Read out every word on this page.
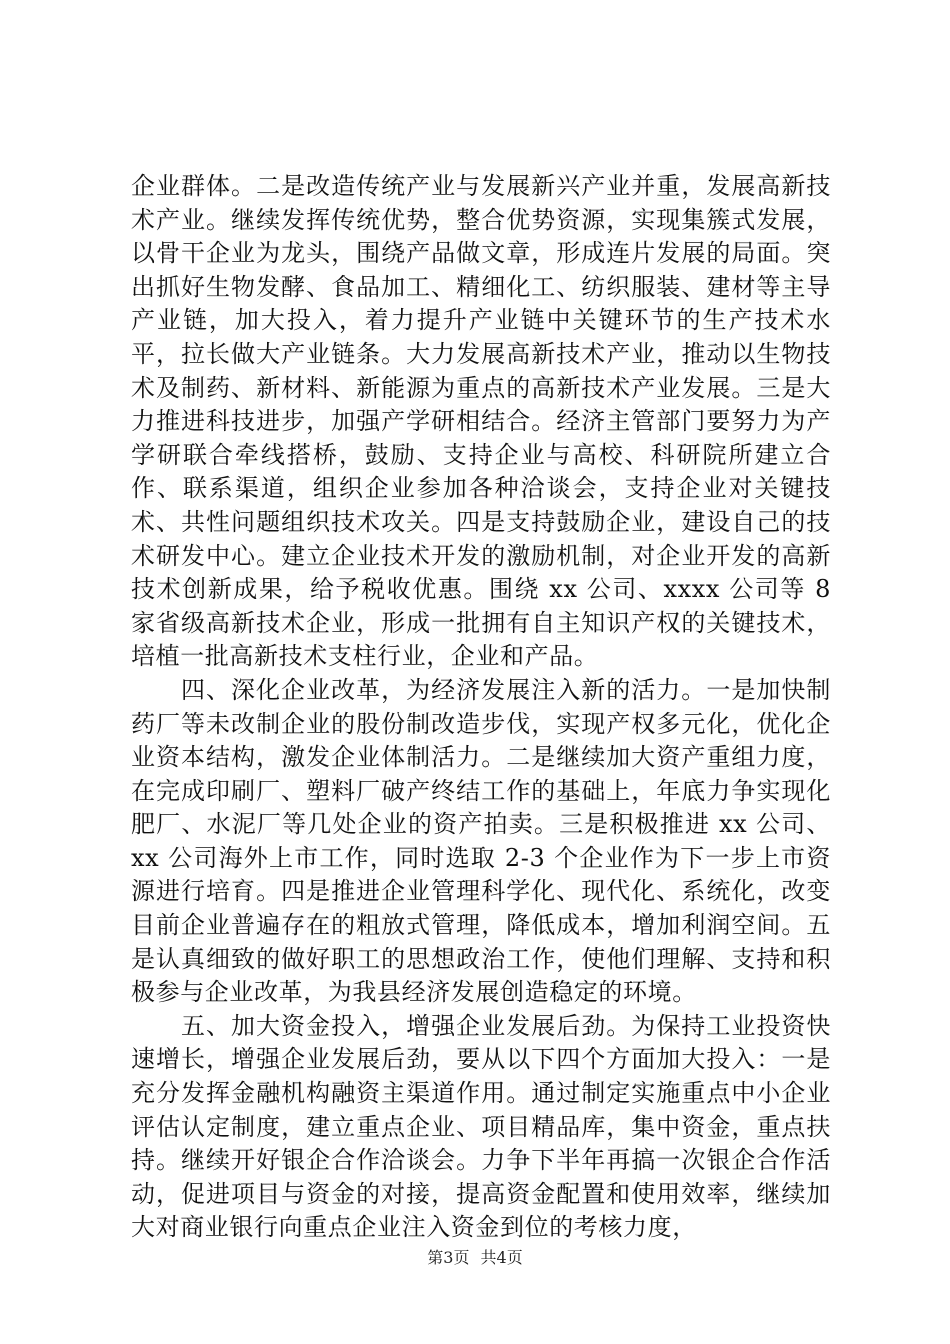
企业群体。二是改造传统产业与发展新兴产业并重，发展高新技术产业。继续发挥传统优势，整合优势资源，实现集簇式发展，以骨干企业为龙头，围绕产品做文章，形成连片发展的局面。突出抓好生物发酵、食品加工、精细化工、纺织服装、建材等主导产业链，加大投入，着力提升产业链中关键环节的生产技术水平，拉长做大产业链条。大力发展高新技术产业，推动以生物技术及制药、新材料、新能源为重点的高新技术产业发展。三是大力推进科技进步，加强产学研相结合。经济主管部门要努力为产学研联合牵线搭桥，鼓励、支持企业与高校、科研院所建立合作、联系渠道，组织企业参加各种洽谈会，支持企业对关键技术、共性问题组织技术攻关。四是支持鼓励企业，建设自己的技术研发中心。建立企业技术开发的激励机制，对企业开发的高新技术创新成果，给予税收优惠。围绕 xx 公司、xxxx 公司等 8 家省级高新技术企业，形成一批拥有自主知识产权的关键技术，培植一批高新技术支柱行业，企业和产品。

四、深化企业改革，为经济发展注入新的活力。一是加快制药厂等未改制企业的股份制改造步伐，实现产权多元化，优化企业资本结构，激发企业体制活力。二是继续加大资产重组力度，在完成印刷厂、塑料厂破产终结工作的基础上，年底力争实现化肥厂、水泥厂等几处企业的资产拍卖。三是积极推进 xx 公司、xx 公司海外上市工作，同时选取 2-3 个企业作为下一步上市资源进行培育。四是推进企业管理科学化、现代化、系统化，改变目前企业普遍存在的粗放式管理，降低成本，增加利润空间。五是认真细致的做好职工的思想政治工作，使他们理解、支持和积极参与企业改革，为我县经济发展创造稳定的环境。

五、加大资金投入，增强企业发展后劲。为保持工业投资快速增长，增强企业发展后劲，要从以下四个方面加大投入：一是充分发挥金融机构融资主渠道作用。通过制定实施重点中小企业评估认定制度，建立重点企业、项目精品库，集中资金，重点扶持。继续开好银企合作洽谈会。力争下半年再搞一次银企合作活动，促进项目与资金的对接，提高资金配置和使用效率，继续加大对商业银行向重点企业注入资金到位的考核力度，

第3页 共4页
